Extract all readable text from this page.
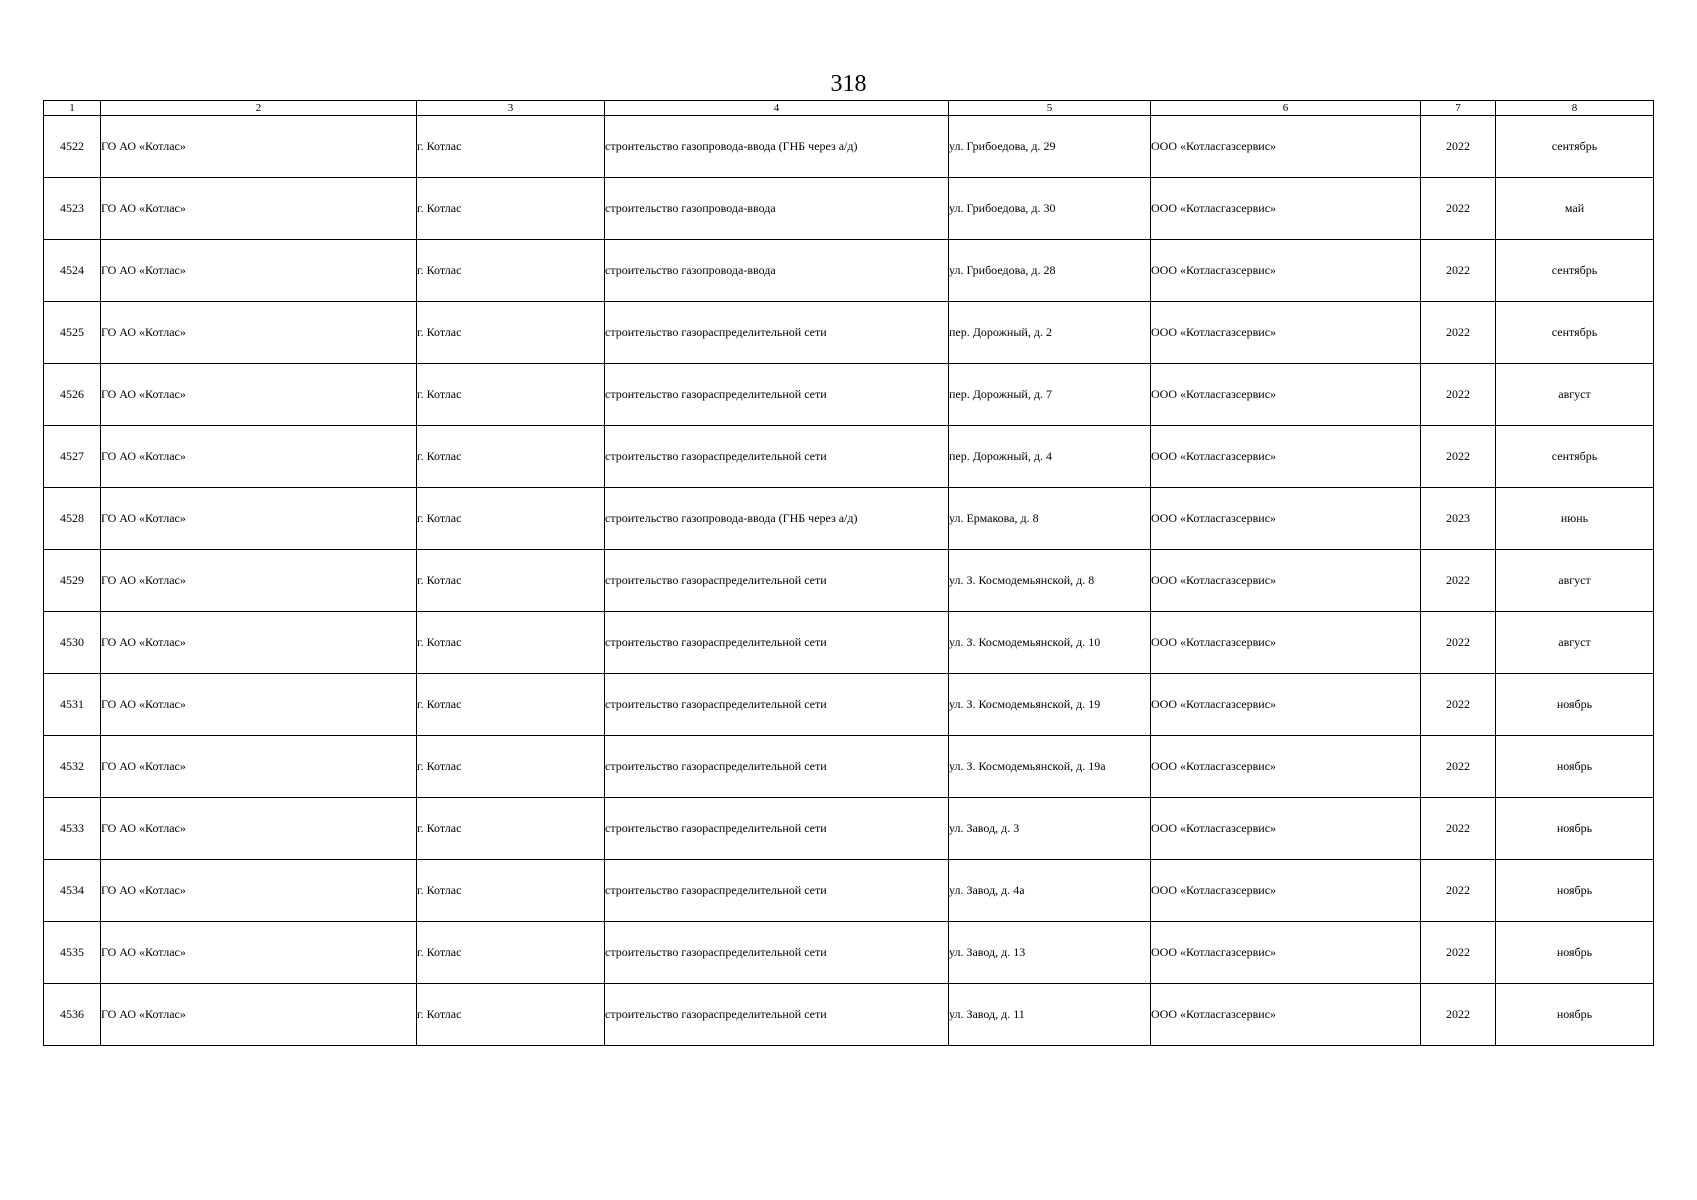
318
1	2	3	4	5	6	7	8
4522	ГО АО «Котлас»	г. Котлас	строительство газопровода-ввода (ГНБ через а/д)	ул. Грибоедова, д. 29	ООО «Котласгазсервис»	2022	сентябрь
4523	ГО АО «Котлас»	г. Котлас	строительство газопровода-ввода	ул. Грибоедова, д. 30	ООО «Котласгазсервис»	2022	май
4524	ГО АО «Котлас»	г. Котлас	строительство газопровода-ввода	ул. Грибоедова, д. 28	ООО «Котласгазсервис»	2022	сентябрь
4525	ГО АО «Котлас»	г. Котлас	строительство газораспределительной сети	пер. Дорожный, д. 2	ООО «Котласгазсервис»	2022	сентябрь
4526	ГО АО «Котлас»	г. Котлас	строительство газораспределительной сети	пер. Дорожный, д. 7	ООО «Котласгазсервис»	2022	август
4527	ГО АО «Котлас»	г. Котлас	строительство газораспределительной сети	пер. Дорожный, д. 4	ООО «Котласгазсервис»	2022	сентябрь
4528	ГО АО «Котлас»	г. Котлас	строительство газопровода-ввода (ГНБ через а/д)	ул. Ермакова, д. 8	ООО «Котласгазсервис»	2023	июнь
4529	ГО АО «Котлас»	г. Котлас	строительство газораспределительной сети	ул. З. Космодемьянской, д. 8	ООО «Котласгазсервис»	2022	август
4530	ГО АО «Котлас»	г. Котлас	строительство газораспределительной сети	ул. З. Космодемьянской, д. 10	ООО «Котласгазсервис»	2022	август
4531	ГО АО «Котлас»	г. Котлас	строительство газораспределительной сети	ул. З. Космодемьянской, д. 19	ООО «Котласгазсервис»	2022	ноябрь
4532	ГО АО «Котлас»	г. Котлас	строительство газораспределительной сети	ул. З. Космодемьянской, д. 19а	ООО «Котласгазсервис»	2022	ноябрь
4533	ГО АО «Котлас»	г. Котлас	строительство газораспределительной сети	ул. Завод, д. 3	ООО «Котласгазсервис»	2022	ноябрь
4534	ГО АО «Котлас»	г. Котлас	строительство газораспределительной сети	ул. Завод, д. 4а	ООО «Котласгазсервис»	2022	ноябрь
4535	ГО АО «Котлас»	г. Котлас	строительство газораспределительной сети	ул. Завод, д. 13	ООО «Котласгазсервис»	2022	ноябрь
4536	ГО АО «Котлас»	г. Котлас	строительство газораспределительной сети	ул. Завод, д. 11	ООО «Котласгазсервис»	2022	ноябрь
